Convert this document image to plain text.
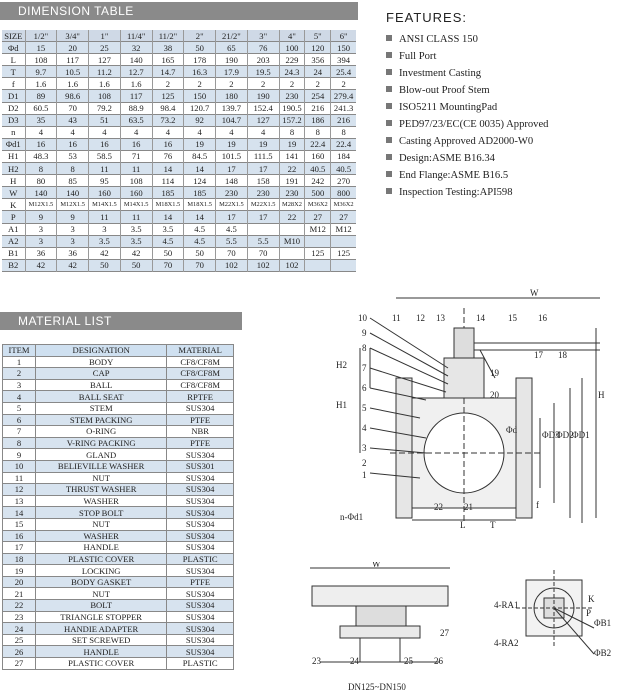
DIMENSION TABLE
SIZE	1/2"	3/4"	1"	11/4"	11/2"	2"	21/2"	3"	4"	5"	6"
Φd	15	20	25	32	38	50	65	76	100	120	150
L	108	117	127	140	165	178	190	203	229	356	394
T	9.7	10.5	11.2	12.7	14.7	16.3	17.9	19.5	24.3	24	25.4
f	1.6	1.6	1.6	1.6	2	2	2	2	2	2	2
D1	89	98.6	108	117	125	150	180	190	230	254	279.4
D2	60.5	70	79.2	88.9	98.4	120.7	139.7	152.4	190.5	216	241.3
D3	35	43	51	63.5	73.2	92	104.7	127	157.2	186	216
n	4	4	4	4	4	4	4	4	8	8	8
Φd1	16	16	16	16	16	19	19	19	19	22.4	22.4
H1	48.3	53	58.5	71	76	84.5	101.5	111.5	141	160	184
H2	8	8	11	11	14	14	17	17	22	40.5	40.5
H	80	85	95	108	114	124	148	158	191	242	270
W	140	140	160	160	185	185	230	230	230	500	800
K	M12X1.5	M12X1.5	M14X1.5	M14X1.5	M18X1.5	M18X1.5	M22X1.5	M22X1.5	M28X2	M36X2	M36X2
P	9	9	11	11	14	14	17	17	22	27	27
A1	3	3	3	3.5	3.5	4.5	4.5			M12	M12
A2	3	3	3.5	3.5	4.5	4.5	5.5	5.5	M10		
B1	36	36	42	42	50	50	70	70		125	125
B2	42	42	50	50	70	70	102	102	102		
MATERIAL LIST
ITEM	DESIGNATION	MATERIAL
1	BODY	CF8/CF8M
2	CAP	CF8/CF8M
3	BALL	CF8/CF8M
4	BALL SEAT	RPTFE
5	STEM	SUS304
6	STEM PACKING	PTFE
7	O-RING	NBR
8	V-RING PACKING	PTFE
9	GLAND	SUS304
10	BELIEVILLE WASHER	SUS301
11	NUT	SUS304
12	THRUST WASHER	SUS304
13	WASHER	SUS304
14	STOP BOLT	SUS304
15	NUT	SUS304
16	WASHER	SUS304
17	HANDLE	SUS304
18	PLASTIC COVER	PLASTIC
19	LOCKING	SUS304
20	BODY GASKET	PTFE
21	NUT	SUS304
22	BOLT	SUS304
23	TRIANGLE STOPPER	SUS304
24	HANDIE ADAPTER	SUS304
25	SET SCREWED	SUS304
26	HANDLE	SUS304
27	PLASTIC COVER	PLASTIC
FEATURES:
ANSI CLASS 150
Full Port
Investment Casting
Blow-out Proof Stem
ISO5211 MountingPad
PED97/23/EC(CE 0035) Approved
Casting Approved AD2000-W0
Design:ASME B16.34
End Flange:ASME B16.5
Inspection Testing:API598
10	11 12 13	14	15 16
9
8
7
6
5
4
3
2
1
17 18
19
20
22 21
W
H
H2
H1
Φd	ΦD3
ΦD2
ΦD1
L	T
f
n-Φd1
W
23	24	25 26
27
DN125~DN150
4-RA1
4-RA2
K
ΦB1
ΦB2
P
